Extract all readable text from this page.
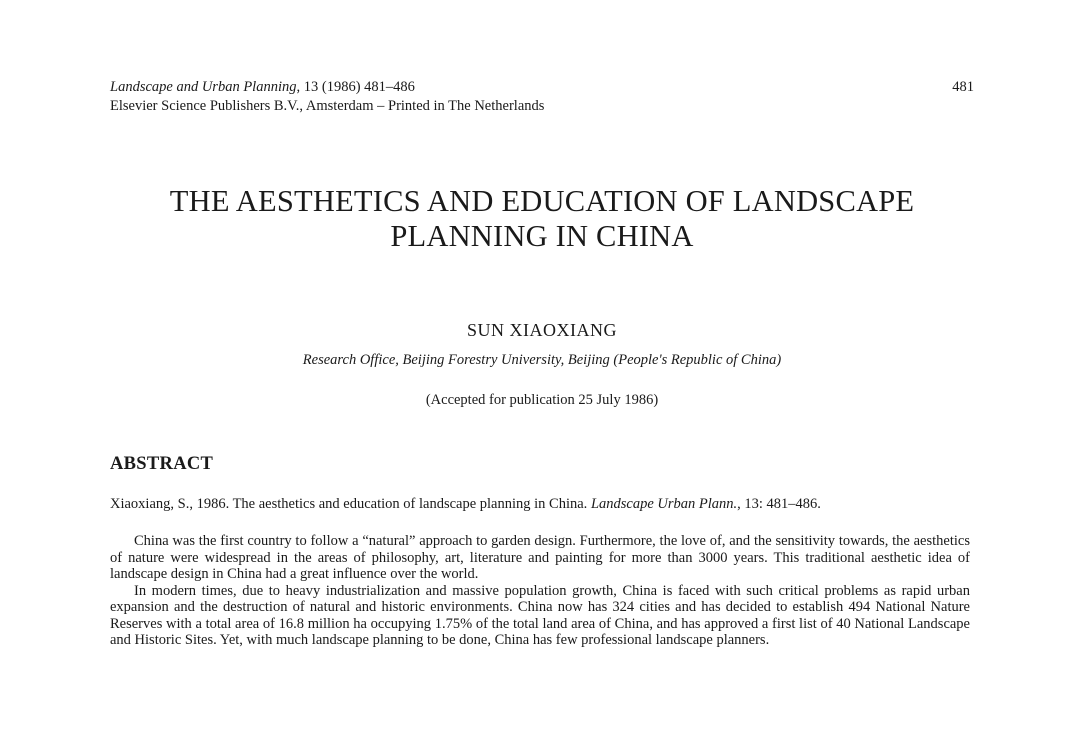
Landscape and Urban Planning, 13 (1986) 481–486
Elsevier Science Publishers B.V., Amsterdam – Printed in The Netherlands
481
THE AESTHETICS AND EDUCATION OF LANDSCAPE
PLANNING IN CHINA
SUN XIAOXIANG
Research Office, Beijing Forestry University, Beijing (People's Republic of China)
(Accepted for publication 25 July 1986)
ABSTRACT
Xiaoxiang, S., 1986. The aesthetics and education of landscape planning in China. Landscape Urban Plann., 13: 481–486.

China was the first country to follow a “natural” approach to garden design. Furthermore, the love of, and the sensitivity towards, the aesthetics of nature were widespread in the areas of philosophy, art, literature and painting for more than 3000 years. This traditional aesthetic idea of landscape design in China had a great influence over the world.

In modern times, due to heavy industrialization and massive population growth, China is faced with such critical problems as rapid urban expansion and the destruction of natural and historic environments. China now has 324 cities and has decided to establish 494 National Nature Reserves with a total area of 16.8 million ha occupying 1.75% of the total land area of China, and has approved a first list of 40 National Landscape and Historic Sites. Yet, with much landscape planning to be done, China has few professional landscape planners.
